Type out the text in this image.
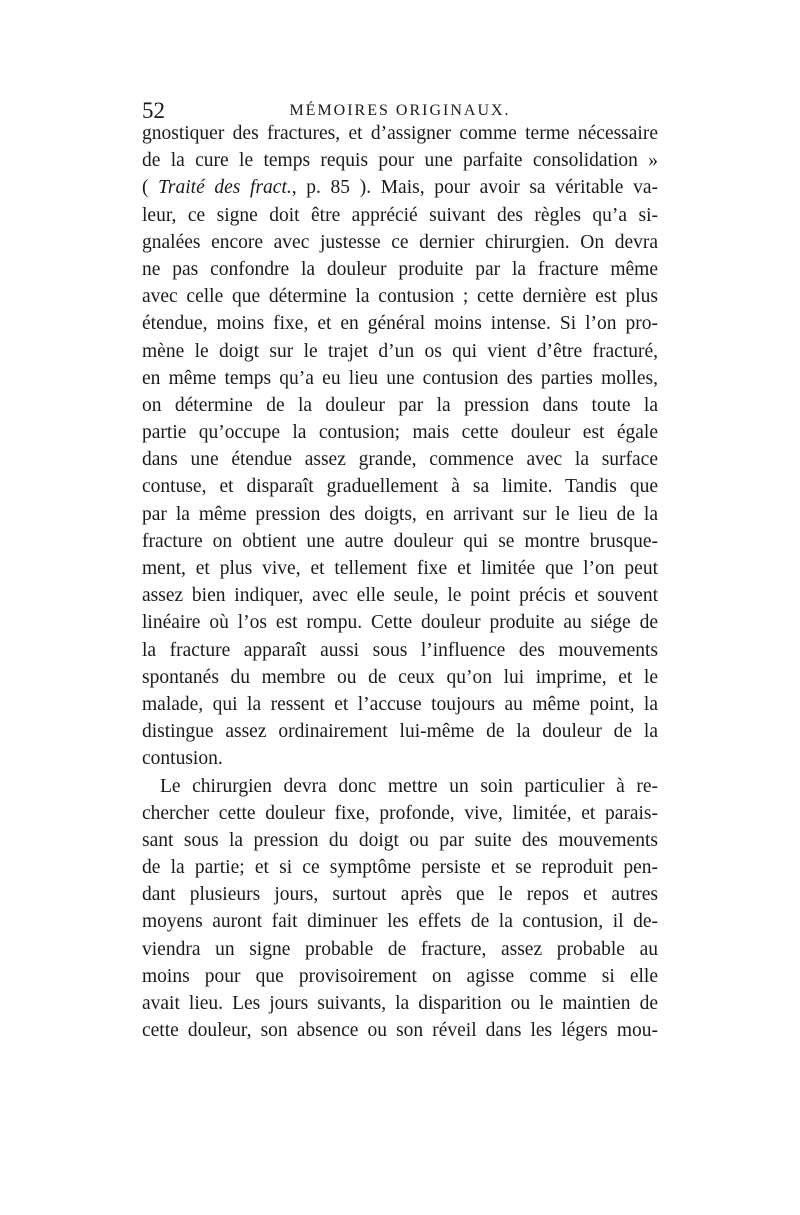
52	MÉMOIRES ORIGINAUX.
gnostiquer des fractures, et d’assigner comme terme nécessaire
de la cure le temps requis pour une parfaite consolidation »
( Traité des fract., p. 85 ). Mais, pour avoir sa véritable va-
leur, ce signe doit être apprécié suivant des règles qu’a si-
gnalées encore avec justesse ce dernier chirurgien. On devra
ne pas confondre la douleur produite par la fracture même
avec celle que détermine la contusion ; cette dernière est plus
étendue, moins fixe, et en général moins intense. Si l’on pro-
mène le doigt sur le trajet d’un os qui vient d’être fracturé,
en même temps qu’a eu lieu une contusion des parties molles,
on détermine de la douleur par la pression dans toute la
partie qu’occupe la contusion; mais cette douleur est égale
dans une étendue assez grande, commence avec la surface
contuse, et disparaît graduellement à sa limite. Tandis que
par la même pression des doigts, en arrivant sur le lieu de la
fracture on obtient une autre douleur qui se montre brusque-
ment, et plus vive, et tellement fixe et limitée que l’on peut
assez bien indiquer, avec elle seule, le point précis et souvent
linéaire où l’os est rompu. Cette douleur produite au siége de
la fracture apparaît aussi sous l’influence des mouvements
spontanés du membre ou de ceux qu’on lui imprime, et le
malade, qui la ressent et l’accuse toujours au même point, la
distingue assez ordinairement lui-même de la douleur de la
contusion.
Le chirurgien devra donc mettre un soin particulier à re-
chercher cette douleur fixe, profonde, vive, limitée, et parais-
sant sous la pression du doigt ou par suite des mouvements
de la partie; et si ce symptôme persiste et se reproduit pen-
dant plusieurs jours, surtout après que le repos et autres
moyens auront fait diminuer les effets de la contusion, il de-
viendra un signe probable de fracture, assez probable au
moins pour que provisoirement on agisse comme si elle
avait lieu. Les jours suivants, la disparition ou le maintien de
cette douleur, son absence ou son réveil dans les légers mou-
